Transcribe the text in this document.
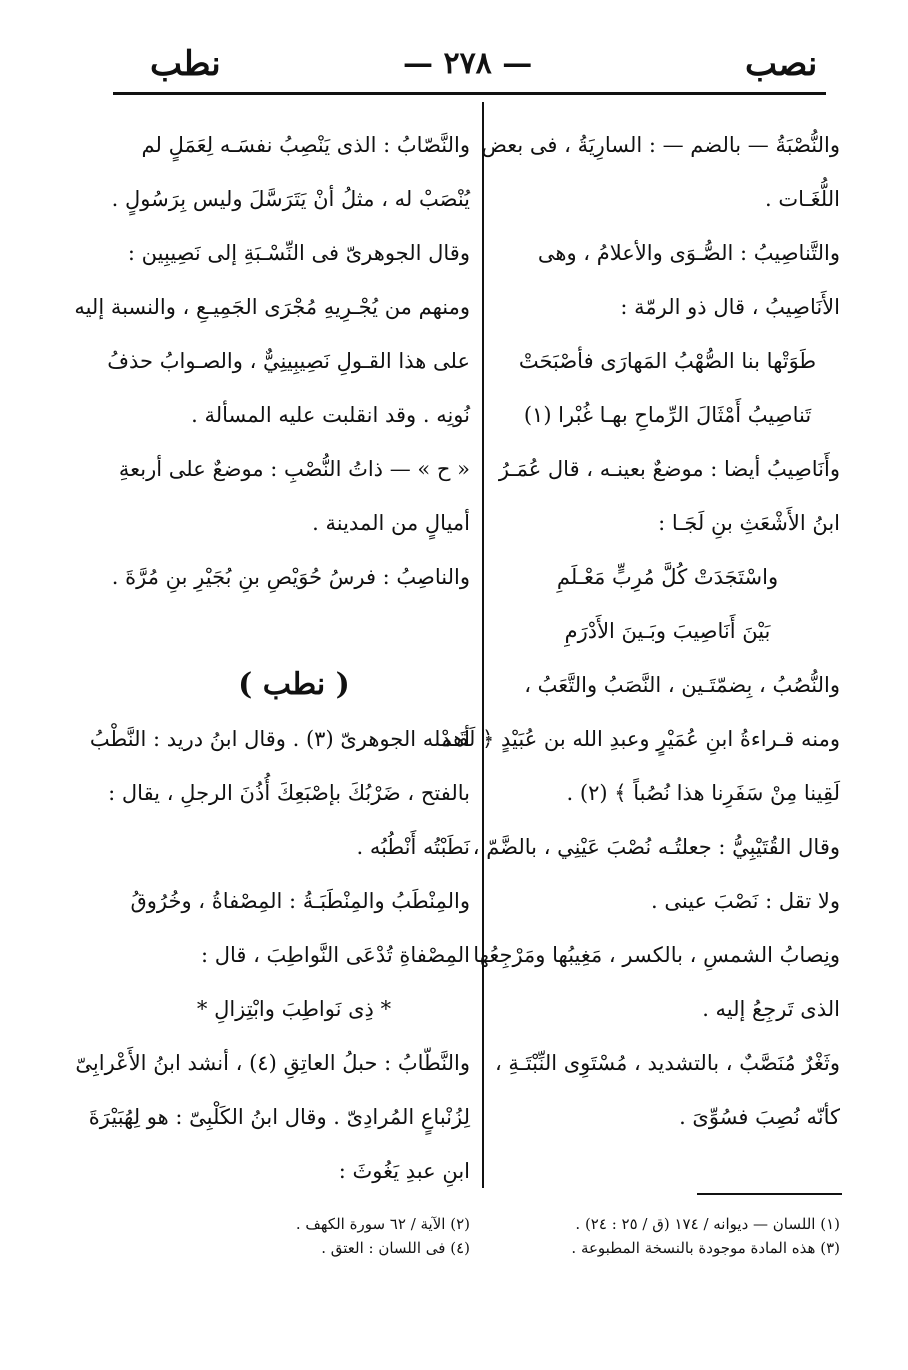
نصب
— ٢٧٨ —
نطب
والنُّصْبَةُ — بالضم — : السارِيَةُ ، فى بعض
اللُّغَـات .
والتَّناصِيبُ : الصُّـوَى والأعلامُ ، وهى
الأَنَاصِيبُ ، قال ذو الرمّة :
طَوَتْها بنا الصُّهْبُ المَهارَى فأصْبَحَتْ
تَناصِيبُ أَمْثَالَ الرِّماحِ بهـا غُبْرا (١)
وأَنَاصِيبُ أيضا : موضعٌ بعينـه ، قال عُمَـرُ
ابنُ الأَشْعَثِ بنِ لَجَـا :
واسْتَجَدَتْ كُلَّ مُرِبٍّ مَعْـلَمِ
بَيْنَ أَنَاصِيبَ وبَـينَ الأَدْرَمِ
والنُّصُبُ ، بِضمّتَـين ، النَّصَبُ والتَّعَبُ ،
ومنه قـراءةُ ابنِ عُمَيْرٍ وعبدِ الله بن عُبَيْدٍ ﴿ لَقَـدْ
لَقِينا مِنْ سَفَرِنا هذا نُصُباً ﴾ (٢) .
وقال القُتَيْبِيُّ : جعلتُـه نُصْبَ عَيْنِي ، بالضَّمّ ،
ولا تقل : نَصْبَ عينى .
ونِصابُ الشمسِ ، بالكسر ، مَغِيبُها ومَرْجِعُها
الذى تَرجِعُ إليه .
وثَغْرٌ مُنَصَّبٌ ، بالتشديد ، مُسْتَوِى النِّبْتَـةِ ،
كأنّه نُصِبَ فسُوِّىَ .
والنَّصّابُ : الذى يَنْصِبُ نفسَـه لِعَمَلٍ لم
يُنْصَبْ له ، مثلُ أنْ يَتَرَسَّلَ وليس بِرَسُولٍ .
وقال الجوهرىّ فى النِّسْـبَةِ إلى نَصِيبِين :
ومنهم من يُجْـرِيهِ مُجْرَى الجَمِيـعِ ، والنسبة إليه
على هذا القـولِ نَصِيبِينِيٌّ ، والصـوابُ حذفُ
نُونِه . وقد انقلبت عليه المسألة .
« ح » — ذاتُ النُّصْبِ : موضعٌ على أربعةِ
أميالٍ من المدينة .
والناصِبُ : فرسُ حُوَيْصِ بنِ بُجَيْرِ بنِ مُرَّةَ .
( نطب )
أهمله الجوهرىّ (٣) . وقال ابنُ دريد : النَّطْبُ
بالفتح ، ضَرْبُكَ بإصْبَعِكَ أُذُنَ الرجلِ ، يقال :
نَطَبْتُه أَنْطُبُه .
والمِنْطَبُ والمِنْطَبَـةُ : المِصْفاةُ ، وخُرُوقُ
المِصْفاةِ تُدْعَى النَّواطِبَ ، قال :
* ذِى نَواطِبَ وابْتِزالِ *
والنَّطّابُ : حبلُ العاتِقِ (٤) ، أنشد ابنُ الأَعْرابِىّ
لِزُنْباعٍ المُرادِىّ . وقال ابنُ الكَلْبِىّ : هو لِهُبَيْرَةَ
ابنِ عبدِ يَغُوثَ :
(١) اللسان — ديوانه / ١٧٤ (ق / ٢٥ : ٢٤) .
(٣) هذه المادة موجودة بالنسخة المطبوعة .
(٢) الآية / ٦٢ سورة الكهف .
(٤) فى اللسان : العتق .
